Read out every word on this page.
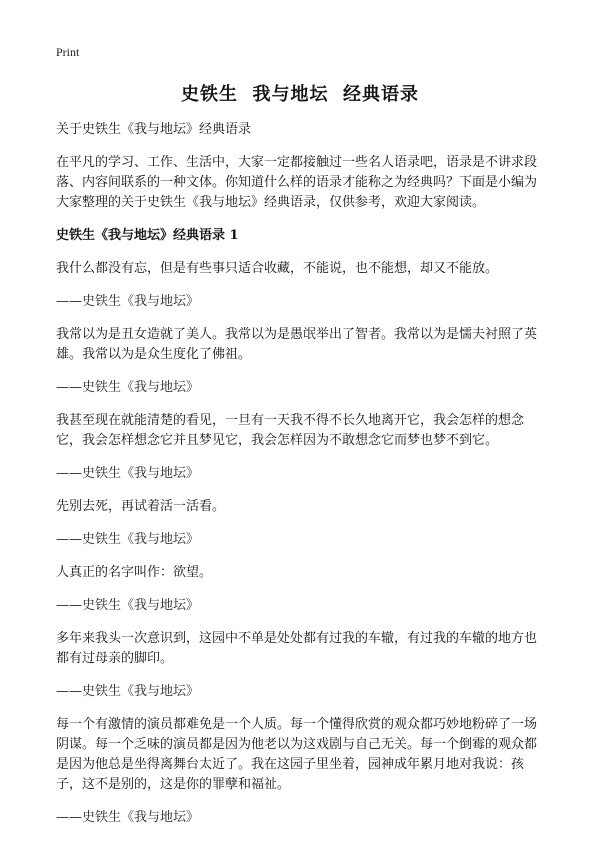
Print
史铁生  我与地坛  经典语录

关于史铁生《我与地坛》经典语录

在平凡的学习、工作、生活中，大家一定都接触过一些名人语录吧，语录是不讲求段落、内容间联系的一种文体。你知道什么样的语录才能称之为经典吗？下面是小编为大家整理的关于史铁生《我与地坛》经典语录，仅供参考，欢迎大家阅读。

史铁生《我与地坛》经典语录 1

我什么都没有忘，但是有些事只适合收藏，不能说，也不能想，却又不能放。

——史铁生《我与地坛》

我常以为是丑女造就了美人。我常以为是愚氓举出了智者。我常以为是懦夫衬照了英雄。我常以为是众生度化了佛祖。

——史铁生《我与地坛》

我甚至现在就能清楚的看见，一旦有一天我不得不长久地离开它，我会怎样的想念它，我会怎样想念它并且梦见它，我会怎样因为不敢想念它而梦也梦不到它。

——史铁生《我与地坛》

先别去死，再试着活一活看。

——史铁生《我与地坛》

人真正的名字叫作：欲望。

——史铁生《我与地坛》

多年来我头一次意识到，这园中不单是处处都有过我的车辙，有过我的车辙的地方也都有过母亲的脚印。

——史铁生《我与地坛》

每一个有激情的演员都难免是一个人质。每一个懂得欣赏的观众都巧妙地粉碎了一场阴谋。每一个乏味的演员都是因为他老以为这戏剧与自己无关。每一个倒霉的观众都是因为他总是坐得离舞台太近了。我在这园子里坐着，园神成年累月地对我说：孩子，这不是别的，这是你的罪孽和福祉。

——史铁生《我与地坛》
